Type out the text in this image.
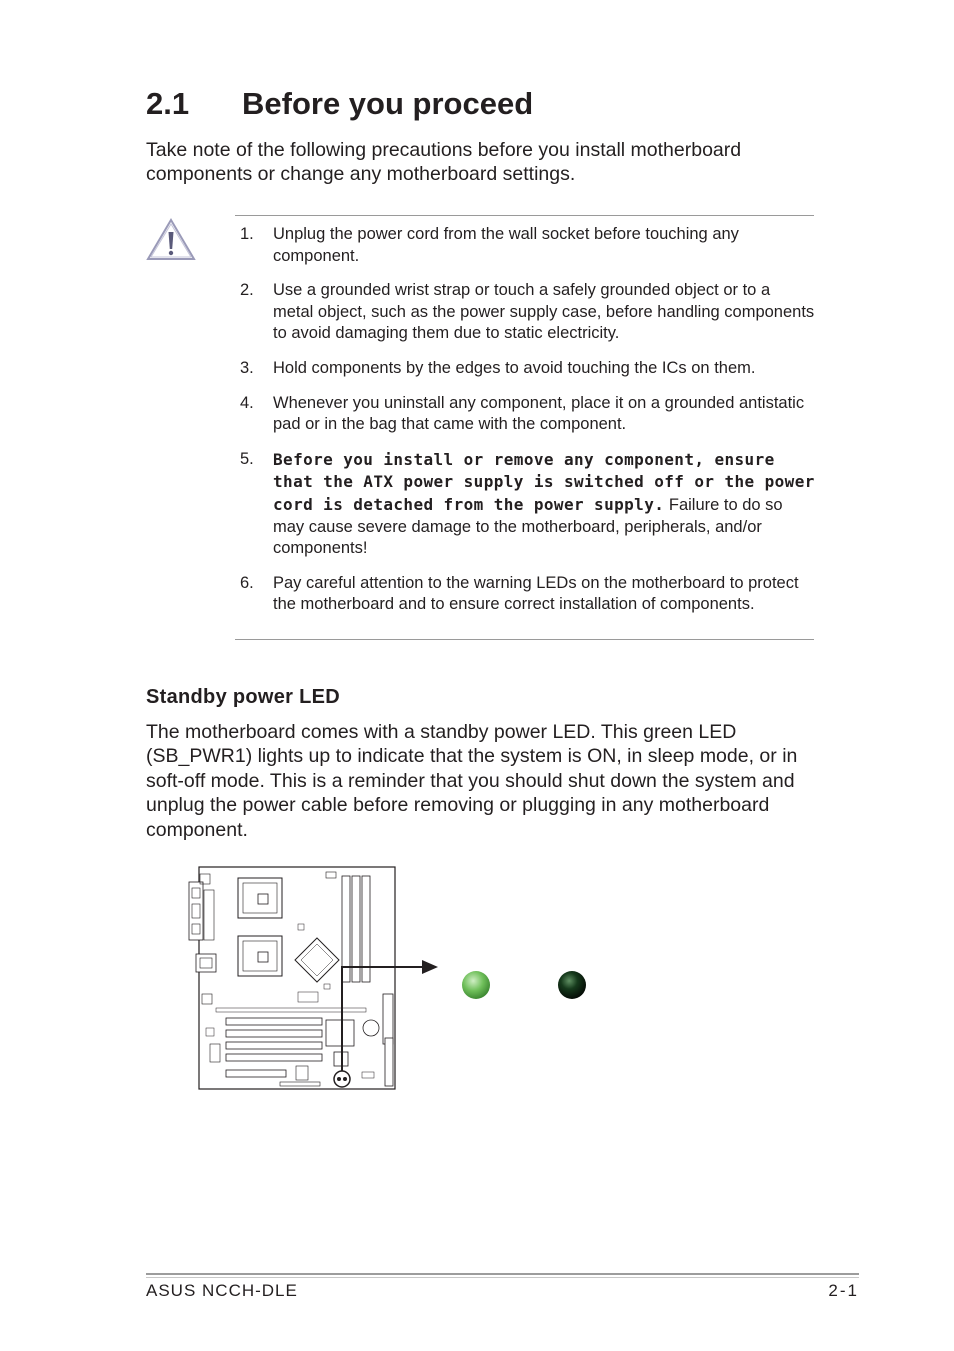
2.1 Before you proceed

Take note of the following precautions before you install motherboard components or change any motherboard settings.

1. Unplug the power cord from the wall socket before touching any component.
2. Use a grounded wrist strap or touch a safely grounded object or to a metal object, such as the power supply case, before handling components to avoid damaging them due to static electricity.
3. Hold components by the edges to avoid touching the ICs on them.
4. Whenever you uninstall any component, place it on a grounded antistatic pad or in the bag that came with the component.
5. Before you install or remove any component, ensure that the ATX power supply is switched off or the power cord is detached from the power supply. Failure to do so may cause severe damage to the motherboard, peripherals, and/or components!
6. Pay careful attention to the warning LEDs on the motherboard to protect the motherboard and to ensure correct installation of components.
Standby power LED

The motherboard comes with a standby power LED. This green LED (SB_PWR1) lights up to indicate that the system is ON, in sleep mode, or in soft-off mode. This is a reminder that you should shut down the system and unplug the power cable before removing or plugging in any motherboard component.

ASUS NCCH-DLE	2-1
